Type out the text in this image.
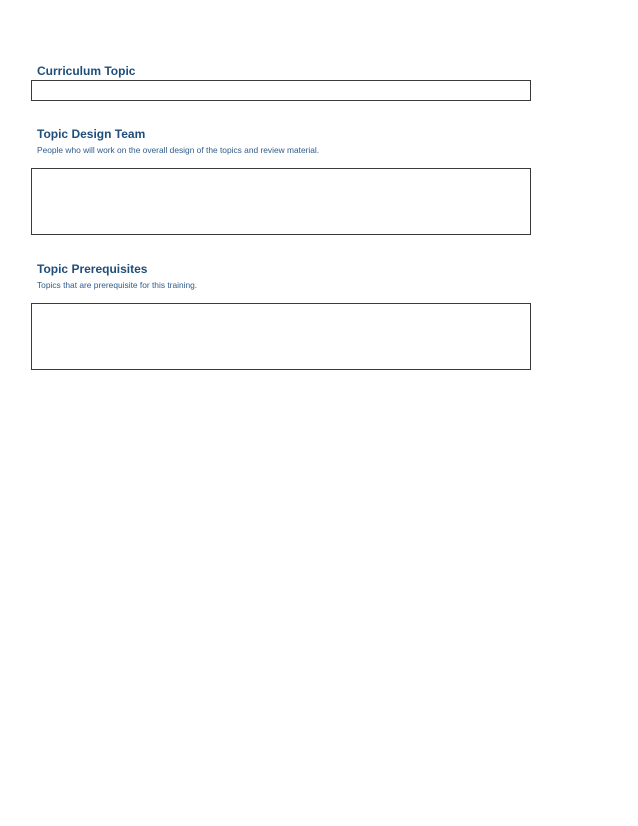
Curriculum Topic
Topic Design Team

People who will work on the overall design of the topics and review material.

Topic Prerequisites

Topics that are prerequisite for this training.
